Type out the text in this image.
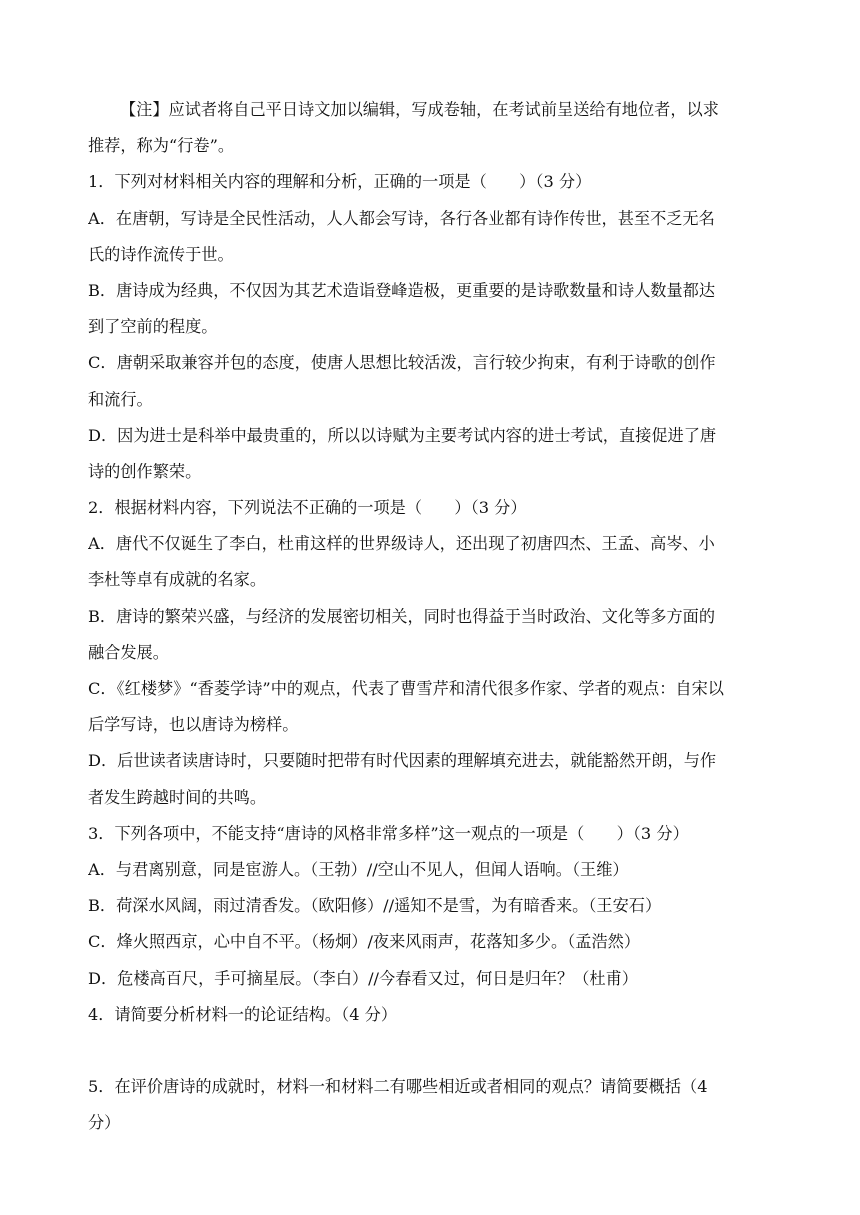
【注】应试者将自己平日诗文加以编辑，写成卷轴，在考试前呈送给有地位者，以求
推荐，称为“行卷”。
1．下列对材料相关内容的理解和分析，正确的一项是（　　）（3 分）
A．在唐朝，写诗是全民性活动，人人都会写诗，各行各业都有诗作传世，甚至不乏无名
氏的诗作流传于世。
B．唐诗成为经典，不仅因为其艺术造诣登峰造极，更重要的是诗歌数量和诗人数量都达
到了空前的程度。
C．唐朝采取兼容并包的态度，使唐人思想比较活泼，言行较少拘束，有利于诗歌的创作
和流行。
D．因为进士是科举中最贵重的，所以以诗赋为主要考试内容的进士考试，直接促进了唐
诗的创作繁荣。
2．根据材料内容，下列说法不正确的一项是（　　）（3 分）
A．唐代不仅诞生了李白，杜甫这样的世界级诗人，还出现了初唐四杰、王孟、高岑、小
李杜等卓有成就的名家。
B．唐诗的繁荣兴盛，与经济的发展密切相关，同时也得益于当时政治、文化等多方面的
融合发展。
C．《红楼梦》“香菱学诗”中的观点，代表了曹雪芹和清代很多作家、学者的观点：自宋以
后学写诗，也以唐诗为榜样。
D．后世读者读唐诗时，只要随时把带有时代因素的理解填充进去，就能豁然开朗，与作
者发生跨越时间的共鸣。
3．下列各项中，不能支持“唐诗的风格非常多样”这一观点的一项是（　　）（3 分）
A．与君离别意，同是宦游人。（王勃）//空山不见人，但闻人语响。（王维）
B．荷深水风阔，雨过清香发。（欧阳修）//遥知不是雪，为有暗香来。（王安石）
C．烽火照西京，心中自不平。（杨炯）/夜来风雨声，花落知多少。（孟浩然）
D．危楼高百尺，手可摘星辰。（李白）//今春看又过，何日是归年？（杜甫）
4．请简要分析材料一的论证结构。（4 分）
5．在评价唐诗的成就时，材料一和材料二有哪些相近或者相同的观点？请简要概括（4
分）
